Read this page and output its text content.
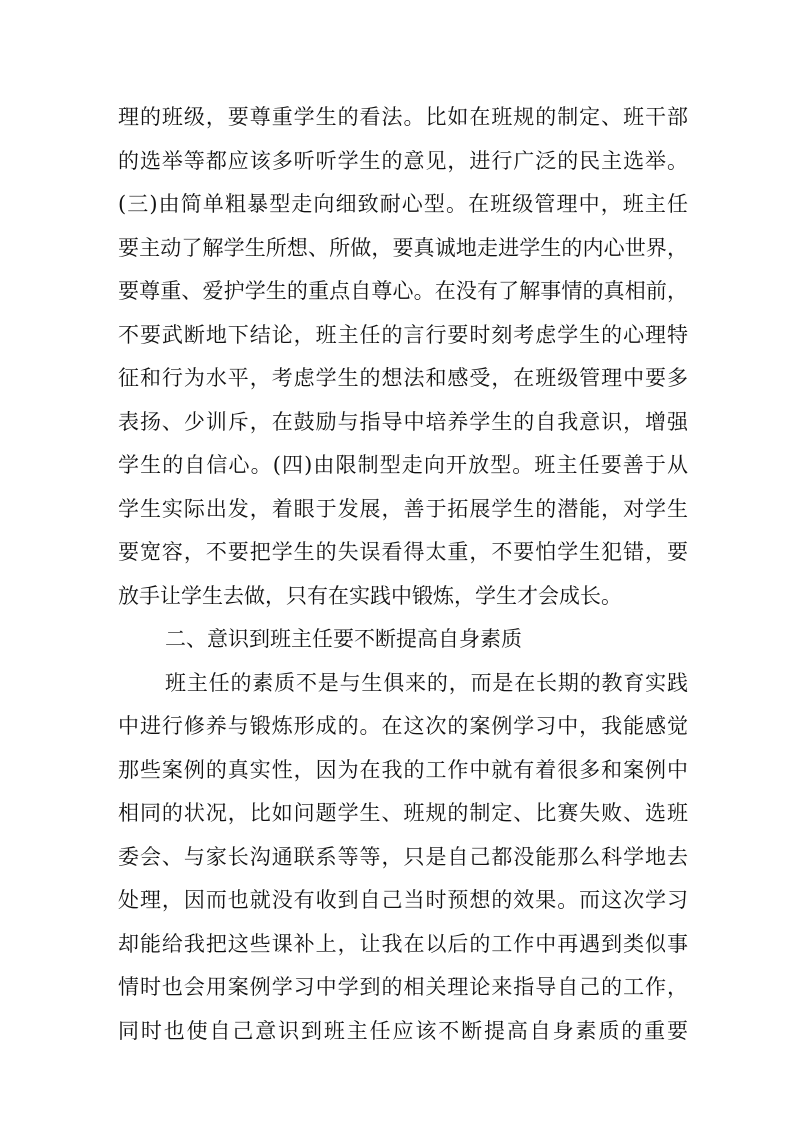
理的班级，要尊重学生的看法。比如在班规的制定、班干部
的选举等都应该多听听学生的意见，进行广泛的民主选举。
(三)由简单粗暴型走向细致耐心型。在班级管理中，班主任
要主动了解学生所想、所做，要真诚地走进学生的内心世界，
要尊重、爱护学生的重点自尊心。在没有了解事情的真相前，
不要武断地下结论，班主任的言行要时刻考虑学生的心理特
征和行为水平，考虑学生的想法和感受，在班级管理中要多
表扬、少训斥，在鼓励与指导中培养学生的自我意识，增强
学生的自信心。(四)由限制型走向开放型。班主任要善于从
学生实际出发，着眼于发展，善于拓展学生的潜能，对学生
要宽容，不要把学生的失误看得太重，不要怕学生犯错，要
放手让学生去做，只有在实践中锻炼，学生才会成长。
二、意识到班主任要不断提高自身素质
班主任的素质不是与生俱来的，而是在长期的教育实践
中进行修养与锻炼形成的。在这次的案例学习中，我能感觉
那些案例的真实性，因为在我的工作中就有着很多和案例中
相同的状况，比如问题学生、班规的制定、比赛失败、选班
委会、与家长沟通联系等等，只是自己都没能那么科学地去
处理，因而也就没有收到自己当时预想的效果。而这次学习
却能给我把这些课补上，让我在以后的工作中再遇到类似事
情时也会用案例学习中学到的相关理论来指导自己的工作，
同时也使自己意识到班主任应该不断提高自身素质的重要
